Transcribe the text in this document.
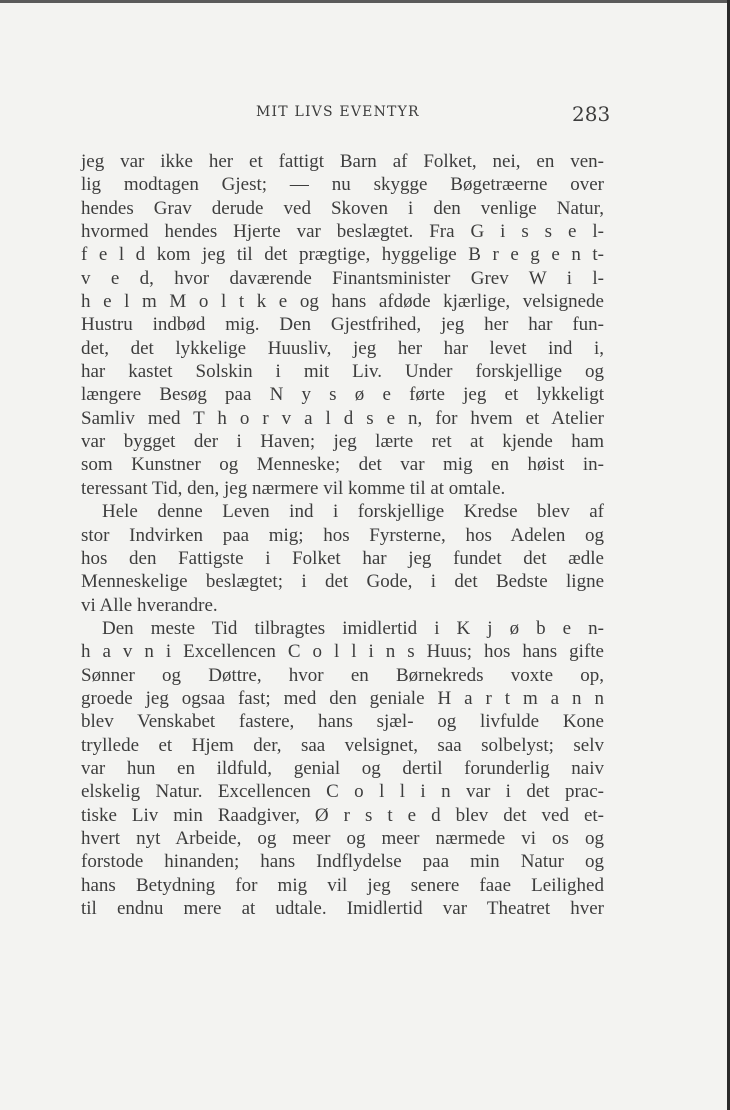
MIT LIVS EVENTYR	283
jeg var ikke her et fattigt Barn af Folket, nei, en ven-
lig modtagen Gjest; — nu skygge Bøgetræerne over
hendes Grav derude ved Skoven i den venlige Natur,
hvormed hendes Hjerte var beslægtet. Fra G i s s e l-
f e l d kom jeg til det prægtige, hyggelige B r e g e n t-
v e d, hvor daværende Finantsminister Grev W i l-
h e l m M o l t k e og hans afdøde kjærlige, velsignede
Hustru indbød mig. Den Gjestfrihed, jeg her har fun-
det, det lykkelige Huusliv, jeg her har levet ind i,
har kastet Solskin i mit Liv. Under forskjellige og
længere Besøg paa N y s ø e førte jeg et lykkeligt
Samliv med T h o r v a l d s e n, for hvem et Atelier
var bygget der i Haven; jeg lærte ret at kjende ham
som Kunstner og Menneske; det var mig en høist in-
teressant Tid, den, jeg nærmere vil komme til at omtale.
Hele denne Leven ind i forskjellige Kredse blev af
stor Indvirken paa mig; hos Fyrsterne, hos Adelen og
hos den Fattigste i Folket har jeg fundet det ædle
Menneskelige beslægtet; i det Gode, i det Bedste ligne
vi Alle hverandre.
Den meste Tid tilbragtes imidlertid i K j ø b e n-
h a v n i Excellencen C o l l i n s Huus; hos hans gifte
Sønner og Døttre, hvor en Børnekreds voxte op,
groede jeg ogsaa fast; med den geniale H a r t m a n n
blev Venskabet fastere, hans sjæl- og livfulde Kone
tryllede et Hjem der, saa velsignet, saa solbelyst; selv
var hun en ildfuld, genial og dertil forunderlig naiv
elskelig Natur. Excellencen C o l l i n var i det prac-
tiske Liv min Raadgiver, Ø r s t e d blev det ved et-
hvert nyt Arbeide, og meer og meer nærmede vi os og
forstode hinanden; hans Indflydelse paa min Natur og
hans Betydning for mig vil jeg senere faae Leilighed
til endnu mere at udtale. Imidlertid var Theatret hver
